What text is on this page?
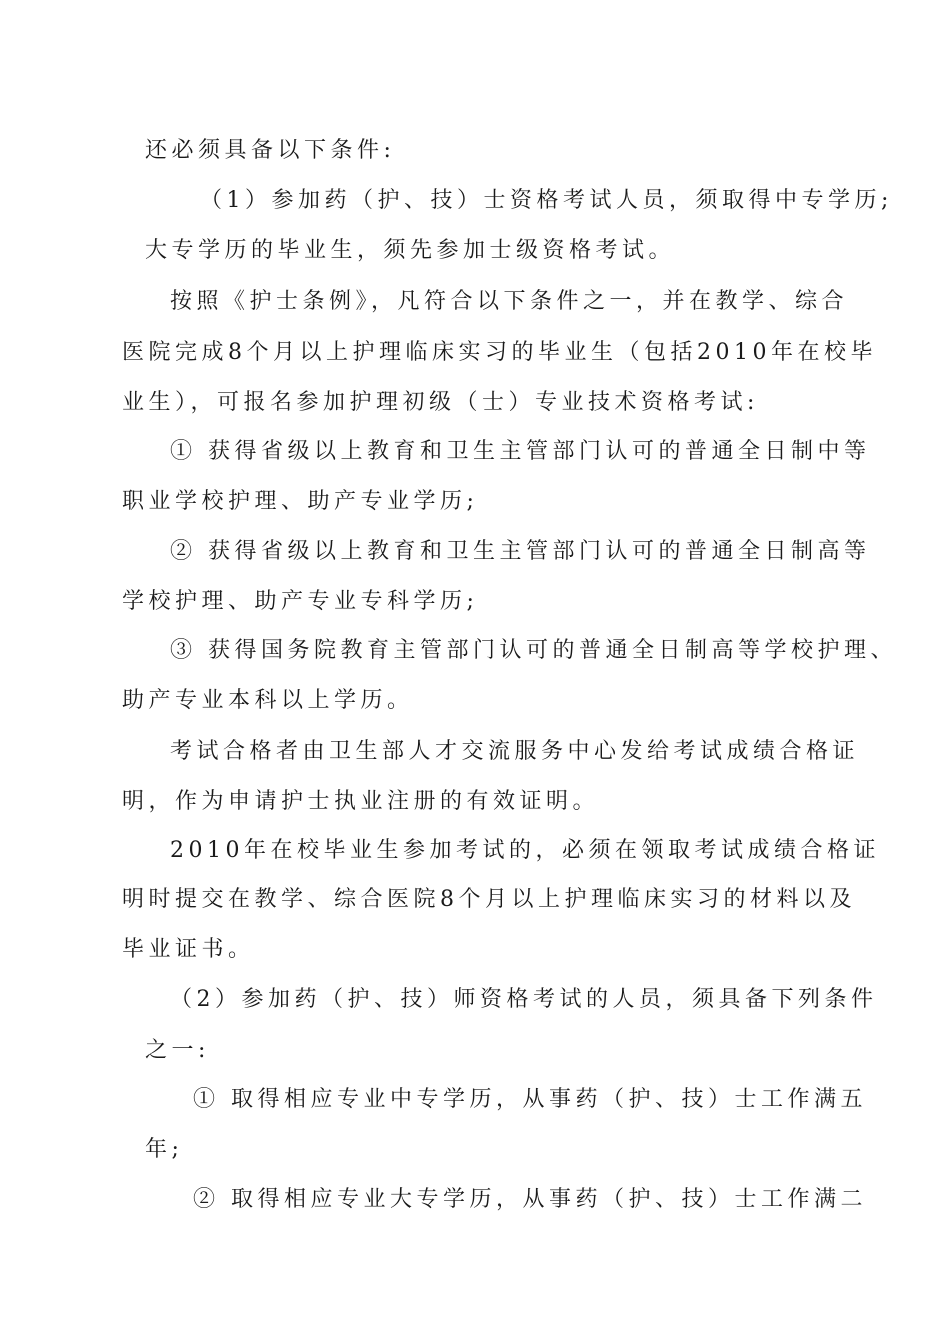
还必须具备以下条件:
（1）参加药（护、技）士资格考试人员，须取得中专学历;
大专学历的毕业生，须先参加士级资格考试。
按照《护士条例》，凡符合以下条件之一，并在教学、综合
医院完成8个月以上护理临床实习的毕业生（包括2010年在校毕
业生），可报名参加护理初级（士）专业技术资格考试:
① 获得省级以上教育和卫生主管部门认可的普通全日制中等
职业学校护理、助产专业学历;
② 获得省级以上教育和卫生主管部门认可的普通全日制高等
学校护理、助产专业专科学历;
③ 获得国务院教育主管部门认可的普通全日制高等学校护理、
助产专业本科以上学历。
考试合格者由卫生部人才交流服务中心发给考试成绩合格证
明，作为申请护士执业注册的有效证明。
2010年在校毕业生参加考试的，必须在领取考试成绩合格证
明时提交在教学、综合医院8个月以上护理临床实习的材料以及
毕业证书。
（2）参加药（护、技）师资格考试的人员，须具备下列条件
之一:
① 取得相应专业中专学历，从事药（护、技）士工作满五
年;
② 取得相应专业大专学历，从事药（护、技）士工作满二
